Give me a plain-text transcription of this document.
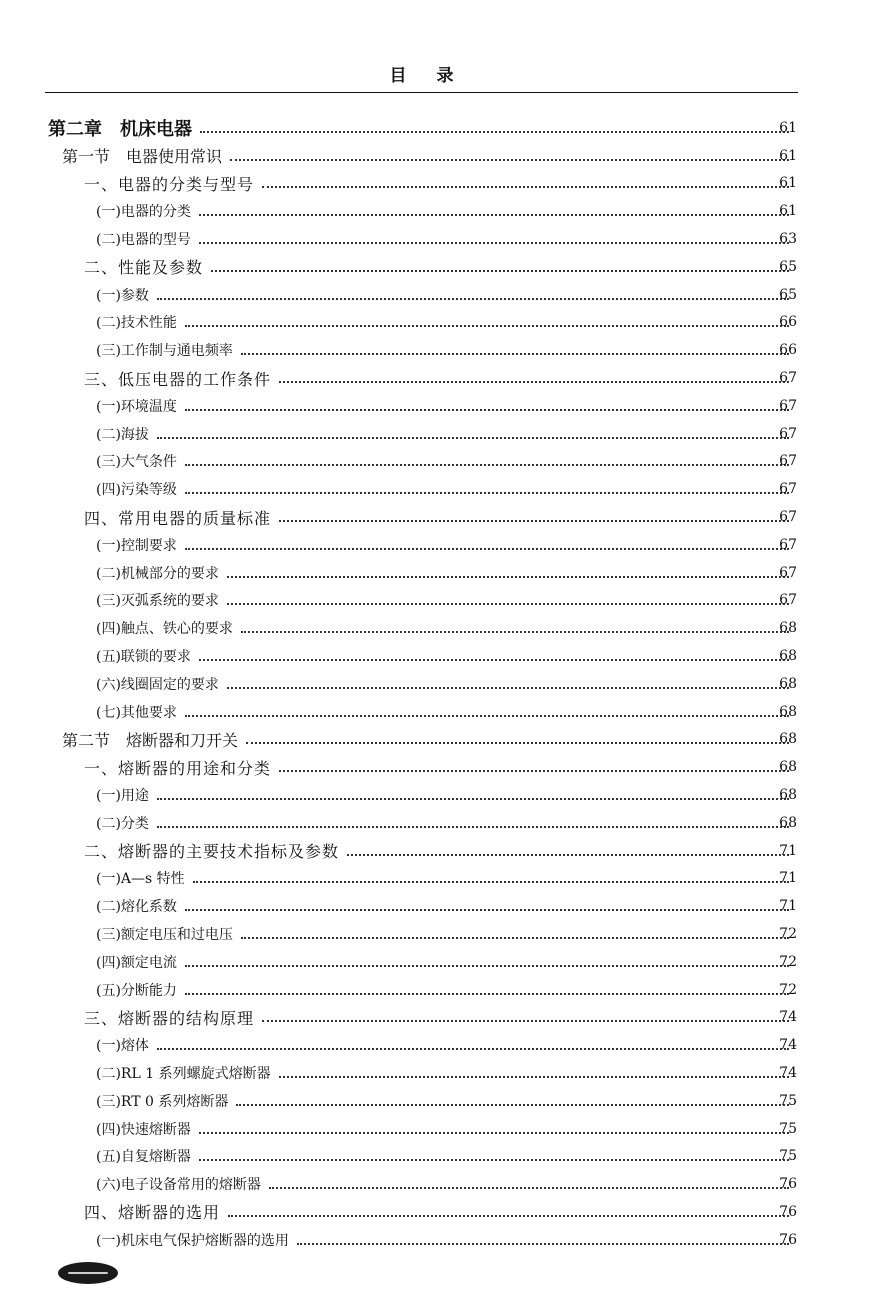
目录
第二章　机床电器	61
第一节　电器使用常识	61
一、电器的分类与型号	61
(一)电器的分类	61
(二)电器的型号	63
二、性能及参数	65
(一)参数	65
(二)技术性能	66
(三)工作制与通电频率	66
三、低压电器的工作条件	67
(一)环境温度	67
(二)海拔	67
(三)大气条件	67
(四)污染等级	67
四、常用电器的质量标准	67
(一)控制要求	67
(二)机械部分的要求	67
(三)灭弧系统的要求	67
(四)触点、铁心的要求	68
(五)联锁的要求	68
(六)线圈固定的要求	68
(七)其他要求	68
第二节　熔断器和刀开关	68
一、熔断器的用途和分类	68
(一)用途	68
(二)分类	68
二、熔断器的主要技术指标及参数	71
(一)A—s 特性	71
(二)熔化系数	71
(三)额定电压和过电压	72
(四)额定电流	72
(五)分断能力	72
三、熔断器的结构原理	74
(一)熔体	74
(二)RL 1 系列螺旋式熔断器	74
(三)RT 0 系列熔断器	75
(四)快速熔断器	75
(五)自复熔断器	75
(六)电子设备常用的熔断器	76
四、熔断器的选用	76
(一)机床电气保护熔断器的选用	76
